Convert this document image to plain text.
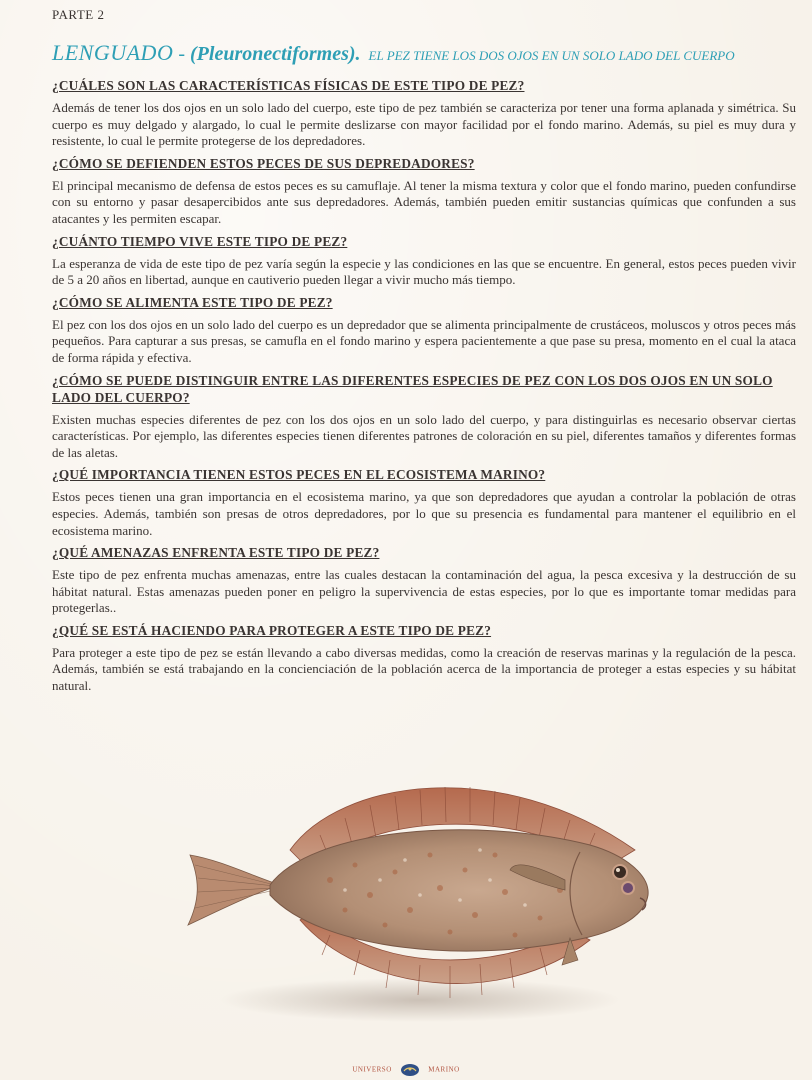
PARTE 2
LENGUADO - (Pleuronectiformes). EL PEZ TIENE LOS DOS OJOS EN UN SOLO LADO DEL CUERPO
¿CUÁLES SON LAS CARACTERÍSTICAS FÍSICAS DE ESTE TIPO DE PEZ?

Además de tener los dos ojos en un solo lado del cuerpo, este tipo de pez también se caracteriza por tener una forma aplanada y simétrica. Su cuerpo es muy delgado y alargado, lo cual le permite deslizarse con mayor facilidad por el fondo marino. Además, su piel es muy dura y resistente, lo cual le permite protegerse de los depredadores.

¿CÓMO SE DEFIENDEN ESTOS PECES DE SUS DEPREDADORES?

El principal mecanismo de defensa de estos peces es su camuflaje. Al tener la misma textura y color que el fondo marino, pueden confundirse con su entorno y pasar desapercibidos ante sus depredadores. Además, también pueden emitir sustancias químicas que confunden a sus atacantes y les permiten escapar.

¿CUÁNTO TIEMPO VIVE ESTE TIPO DE PEZ?

La esperanza de vida de este tipo de pez varía según la especie y las condiciones en las que se encuentre. En general, estos peces pueden vivir de 5 a 20 años en libertad, aunque en cautiverio pueden llegar a vivir mucho más tiempo.

¿CÓMO SE ALIMENTA ESTE TIPO DE PEZ?

El pez con los dos ojos en un solo lado del cuerpo es un depredador que se alimenta principalmente de crustáceos, moluscos y otros peces más pequeños. Para capturar a sus presas, se camufla en el fondo marino y espera pacientemente a que pase su presa, momento en el cual la ataca de forma rápida y efectiva.

¿CÓMO SE PUEDE DISTINGUIR ENTRE LAS DIFERENTES ESPECIES DE PEZ CON LOS DOS OJOS EN UN SOLO LADO DEL CUERPO?

Existen muchas especies diferentes de pez con los dos ojos en un solo lado del cuerpo, y para distinguirlas es necesario observar ciertas características. Por ejemplo, las diferentes especies tienen diferentes patrones de coloración en su piel, diferentes tamaños y diferentes formas de las aletas.

¿QUÉ IMPORTANCIA TIENEN ESTOS PECES EN EL ECOSISTEMA MARINO?

Estos peces tienen una gran importancia en el ecosistema marino, ya que son depredadores que ayudan a controlar la población de otras especies. Además, también son presas de otros depredadores, por lo que su presencia es fundamental para mantener el equilibrio en el ecosistema marino.

¿QUÉ AMENAZAS ENFRENTA ESTE TIPO DE PEZ?

Este tipo de pez enfrenta muchas amenazas, entre las cuales destacan la contaminación del agua, la pesca excesiva y la destrucción de su hábitat natural. Estas amenazas pueden poner en peligro la supervivencia de estas especies, por lo que es importante tomar medidas para protegerlas..

¿QUÉ SE ESTÁ HACIENDO PARA PROTEGER A ESTE TIPO DE PEZ?

Para proteger a este tipo de pez se están llevando a cabo diversas medidas, como la creación de reservas marinas y la regulación de la pesca. Además, también se está trabajando en la concienciación de la población acerca de la importancia de proteger a estas especies y su hábitat natural.

UNIVERSO	MARINO
